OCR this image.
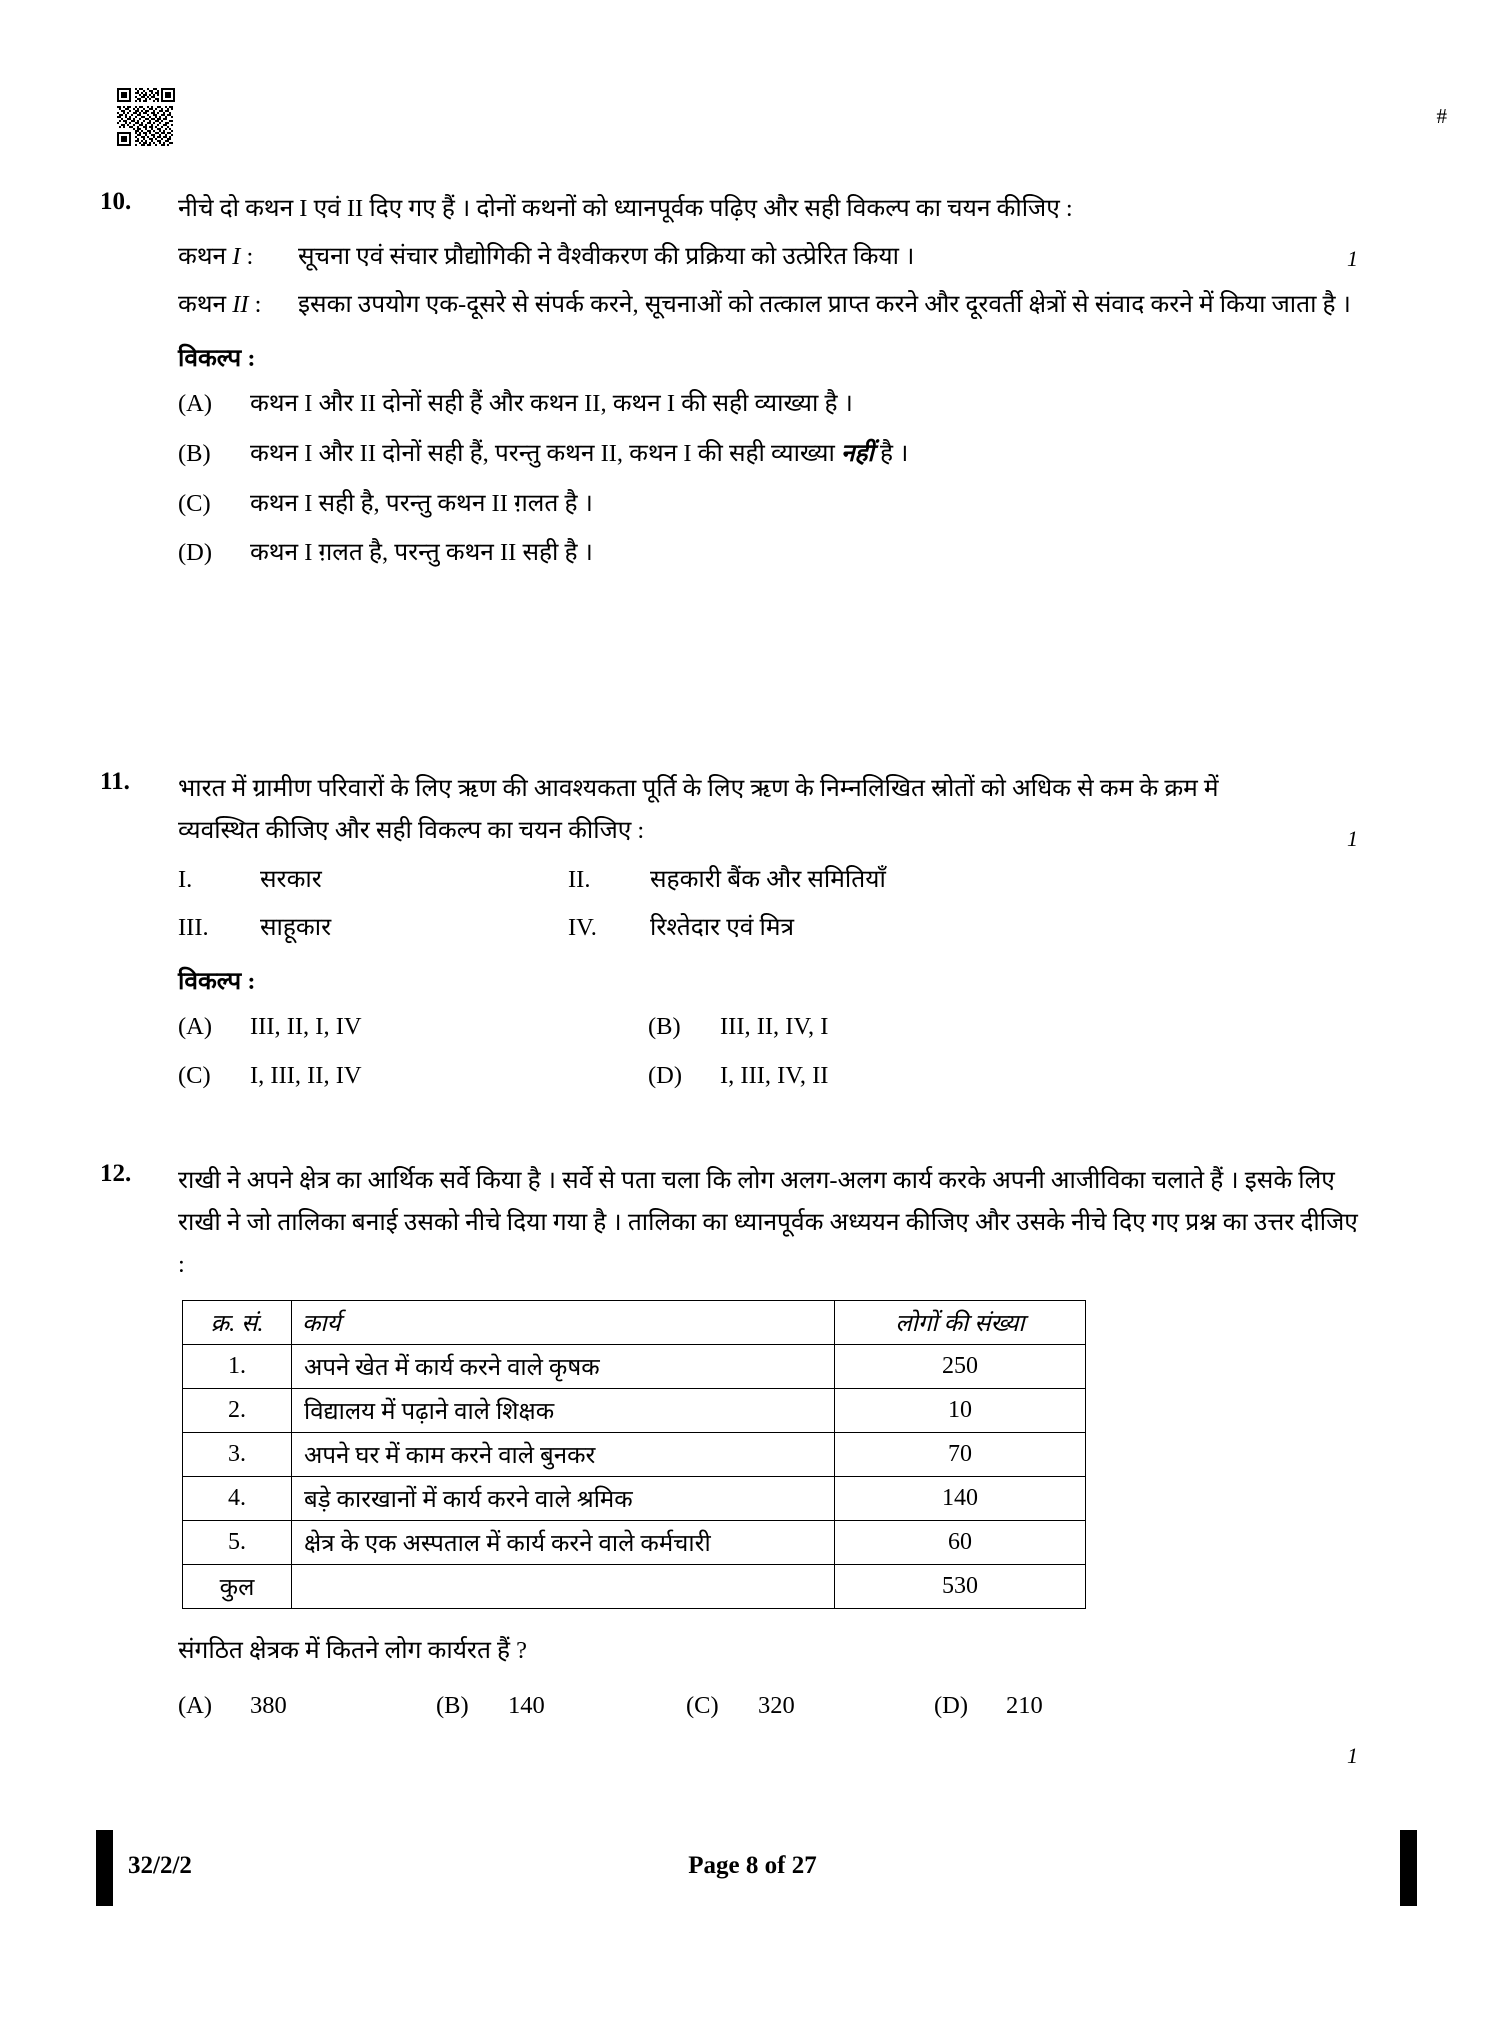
#
10.
1
नीचे दो कथन I एवं II दिए गए हैं । दोनों कथनों को ध्यानपूर्वक पढ़िए और सही विकल्प का चयन कीजिए :
कथन I :	सूचना एवं संचार प्रौद्योगिकी ने वैश्वीकरण की प्रक्रिया को उत्प्रेरित किया ।
कथन II :	इसका उपयोग एक-दूसरे से संपर्क करने, सूचनाओं को तत्काल प्राप्त करने और दूरवर्ती क्षेत्रों से संवाद करने में किया जाता है ।
विकल्प :
(A)	कथन I और II दोनों सही हैं और कथन II, कथन I की सही व्याख्या है ।
(B)	कथन I और II दोनों सही हैं, परन्तु कथन II, कथन I की सही व्याख्या नहीं है ।
(C)	कथन I सही है, परन्तु कथन II ग़लत है ।
(D)	कथन I ग़लत है, परन्तु कथन II सही है ।
11.
1
भारत में ग्रामीण परिवारों के लिए ऋण की आवश्यकता पूर्ति के लिए ऋण के निम्नलिखित स्रोतों को अधिक से कम के क्रम में व्यवस्थित कीजिए और सही विकल्प का चयन कीजिए :
I.	सरकार	II.	सहकारी बैंक और समितियाँ
III.	साहूकार	IV.	रिश्तेदार एवं मित्र
विकल्प :
(A)	III, II, I, IV	(B)	III, II, IV, I
(C)	I, III, II, IV	(D)	I, III, IV, II
12.	राखी ने अपने क्षेत्र का आर्थिक सर्वे किया है । सर्वे से पता चला कि लोग अलग-अलग कार्य करके अपनी आजीविका चलाते हैं । इसके लिए राखी ने जो तालिका बनाई उसको नीचे दिया गया है । तालिका का ध्यानपूर्वक अध्ययन कीजिए और उसके नीचे दिए गए प्रश्न का उत्तर दीजिए :
क्र. सं.	कार्य	लोगों की संख्या
1.	अपने खेत में कार्य करने वाले कृषक	250
2.	विद्यालय में पढ़ाने वाले शिक्षक	10
3.	अपने घर में काम करने वाले बुनकर	70
4.	बड़े कारखानों में कार्य करने वाले श्रमिक	140
5.	क्षेत्र के एक अस्पताल में कार्य करने वाले कर्मचारी	60
कुल		530
संगठित क्षेत्रक में कितने लोग कार्यरत हैं ?
(A)	380	(B)	140	(C)	320	(D)	210
1
32/2/2	Page 8 of 27
